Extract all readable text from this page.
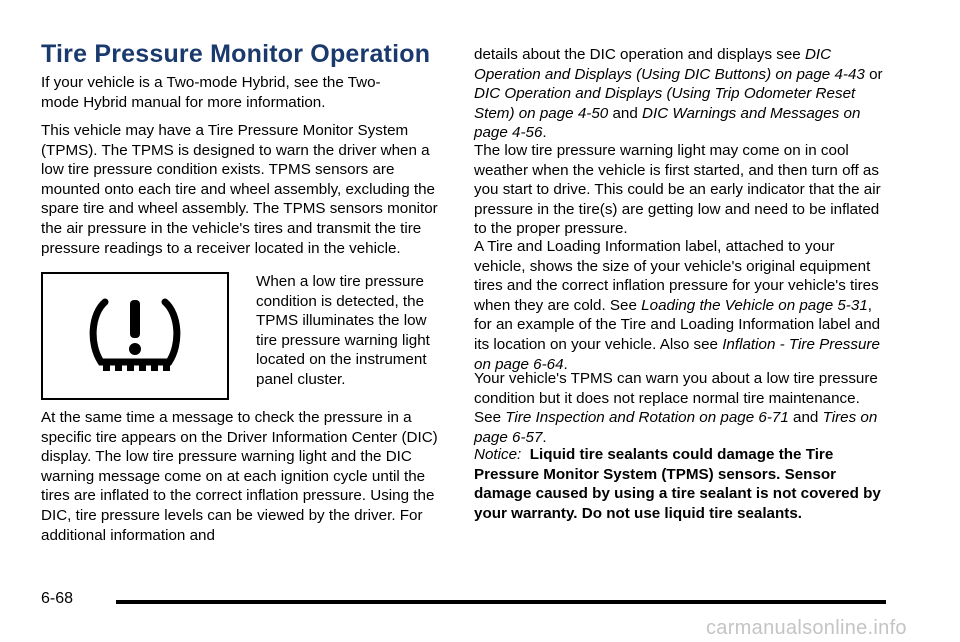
Tire Pressure Monitor Operation

If your vehicle is a Two-mode Hybrid, see the Two-mode Hybrid manual for more information.

This vehicle may have a Tire Pressure Monitor System (TPMS). The TPMS is designed to warn the driver when a low tire pressure condition exists. TPMS sensors are mounted onto each tire and wheel assembly, excluding the spare tire and wheel assembly. The TPMS sensors monitor the air pressure in the vehicle's tires and transmit the tire pressure readings to a receiver located in the vehicle.

When a low tire pressure condition is detected, the TPMS illuminates the low tire pressure warning light located on the instrument panel cluster.

At the same time a message to check the pressure in a specific tire appears on the Driver Information Center (DIC) display. The low tire pressure warning light and the DIC warning message come on at each ignition cycle until the tires are inflated to the correct inflation pressure. Using the DIC, tire pressure levels can be viewed by the driver. For additional information and

details about the DIC operation and displays see DIC Operation and Displays (Using DIC Buttons) on page 4-43 or DIC Operation and Displays (Using Trip Odometer Reset Stem) on page 4-50 and DIC Warnings and Messages on page 4-56.

The low tire pressure warning light may come on in cool weather when the vehicle is first started, and then turn off as you start to drive. This could be an early indicator that the air pressure in the tire(s) are getting low and need to be inflated to the proper pressure.

A Tire and Loading Information label, attached to your vehicle, shows the size of your vehicle's original equipment tires and the correct inflation pressure for your vehicle's tires when they are cold. See Loading the Vehicle on page 5-31, for an example of the Tire and Loading Information label and its location on your vehicle. Also see Inflation - Tire Pressure on page 6-64.

Your vehicle's TPMS can warn you about a low tire pressure condition but it does not replace normal tire maintenance. See Tire Inspection and Rotation on page 6-71 and Tires on page 6-57.

Notice: Liquid tire sealants could damage the Tire Pressure Monitor System (TPMS) sensors. Sensor damage caused by using a tire sealant is not covered by your warranty. Do not use liquid tire sealants.

6-68
carmanualsonline.info
